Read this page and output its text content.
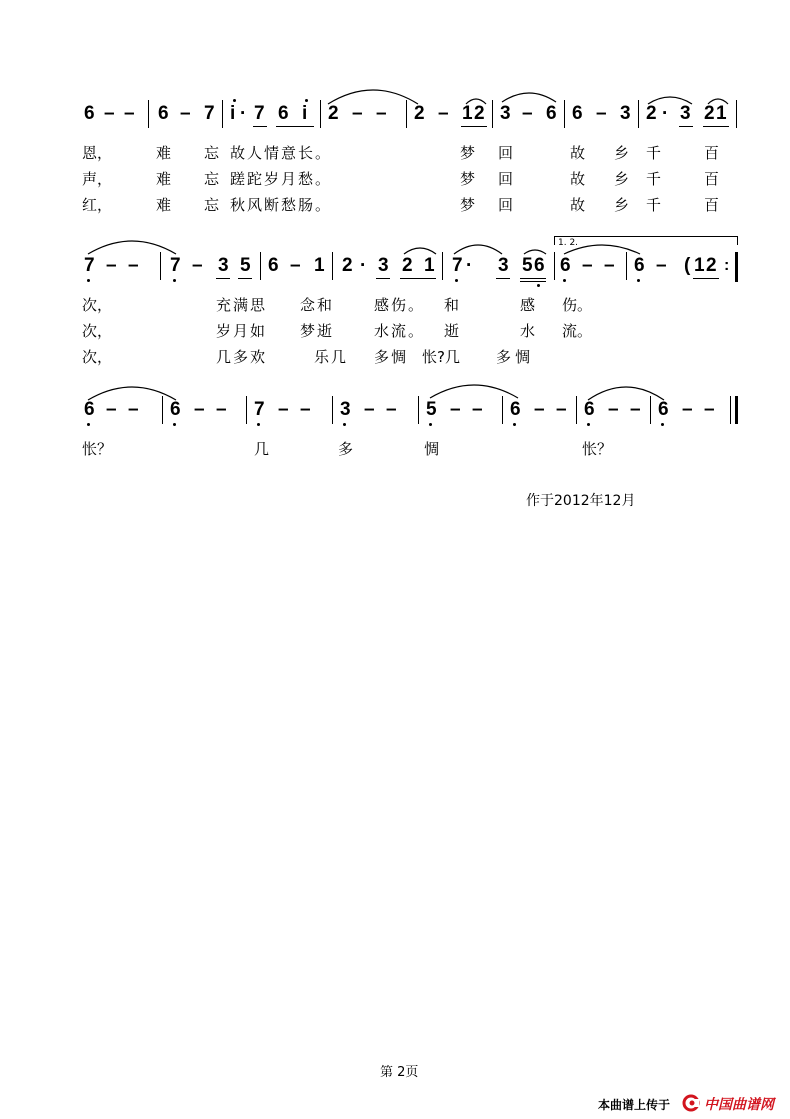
6 – – 6 – 7 i · 7 6 i 2 – – 2 – 1 2 3 – 6 6 – 3 2 · 3 2 1
恩，	难 忘 故人情意长。	梦 回	故 乡 千	百
声，	难 忘 蹉跎岁月愁。	梦 回	故 乡 千	百
红，	难 忘 秋风断愁肠。	梦 回	故 乡 千	百
1. 2.
7 – – 7 – 3 5 6 – 1 2 · 3 2 1 7 · 3 5 6 6 – – 6 – ( 1 2 :
次，	充满思 念和	感伤。 和	感 伤。
次，	岁月如 梦逝	水流。 逝	水 流。
次，	几多欢	乐几 多惆 怅?几 多惆
6 – – 6 – – 7 – – 3 – – 5 – – 6 – – 6 – – 6 – –
怅？	几	多	惆	怅？
作于2012年12月
第 2页
本曲谱上传于 中国曲谱网
